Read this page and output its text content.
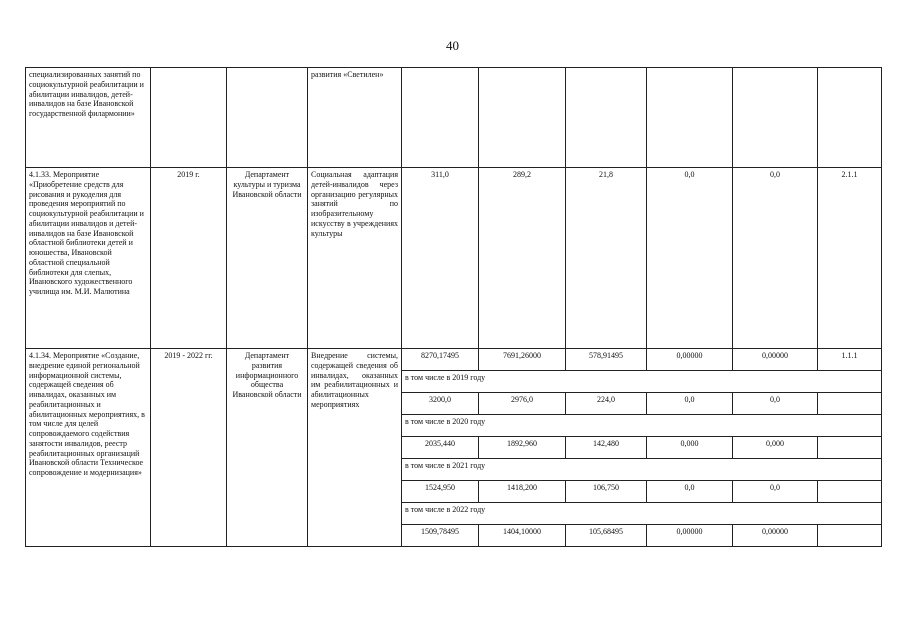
40
специализированных занятий по социокультурной реабилитации и абилитации инвалидов, детей-инвалидов на базе Ивановской государственной филармонии»			развития «Светилен»						
4.1.33. Мероприятие «Приобретение средств для рисования и рукоделия для проведения мероприятий по социокультурной реабилитации и абилитации инвалидов и детей-инвалидов на базе Ивановской областной библиотеки детей и юношества, Ивановской областной специальной библиотеки для слепых, Ивановского художественного училища им. М.И. Малютина	2019 г.	Департамент культуры и туризма Ивановской области	Социальная адаптация детей-инвалидов через организацию регулярных занятий по изобразительному искусству в учреждениях культуры	311,0	289,2	21,8	0,0	0,0	2.1.1
4.1.34. Мероприятие «Создание, внедрение единой региональной информационной системы, содержащей сведения об инвалидах, оказанных им реабилитационных и абилитационных мероприятиях, в том числе для целей сопровождаемого содействия занятости инвалидов, реестр реабилитационных организаций Ивановской области Техническое сопровождение и модернизация»	2019 - 2022 гг.	Департамент развития информационного общества Ивановской области	Внедрение системы, содержащей сведения об инвалидах, оказанных им реабилитационных и абилитационных мероприятиях	8270,17495	7691,26000	578,91495	0,00000	0,00000	1.1.1
				в том числе в 2019 году					
				3200,0	2976,0	224,0	0,0	0,0	
				в том числе в 2020 году					
				2035,440	1892,960	142,480	0,000	0,000	
				в том числе в 2021 году					
				1524,950	1418,200	106,750	0,0	0,0	
				в том числе в 2022 году					
				1509,78495	1404,10000	105,68495	0,00000	0,00000	
